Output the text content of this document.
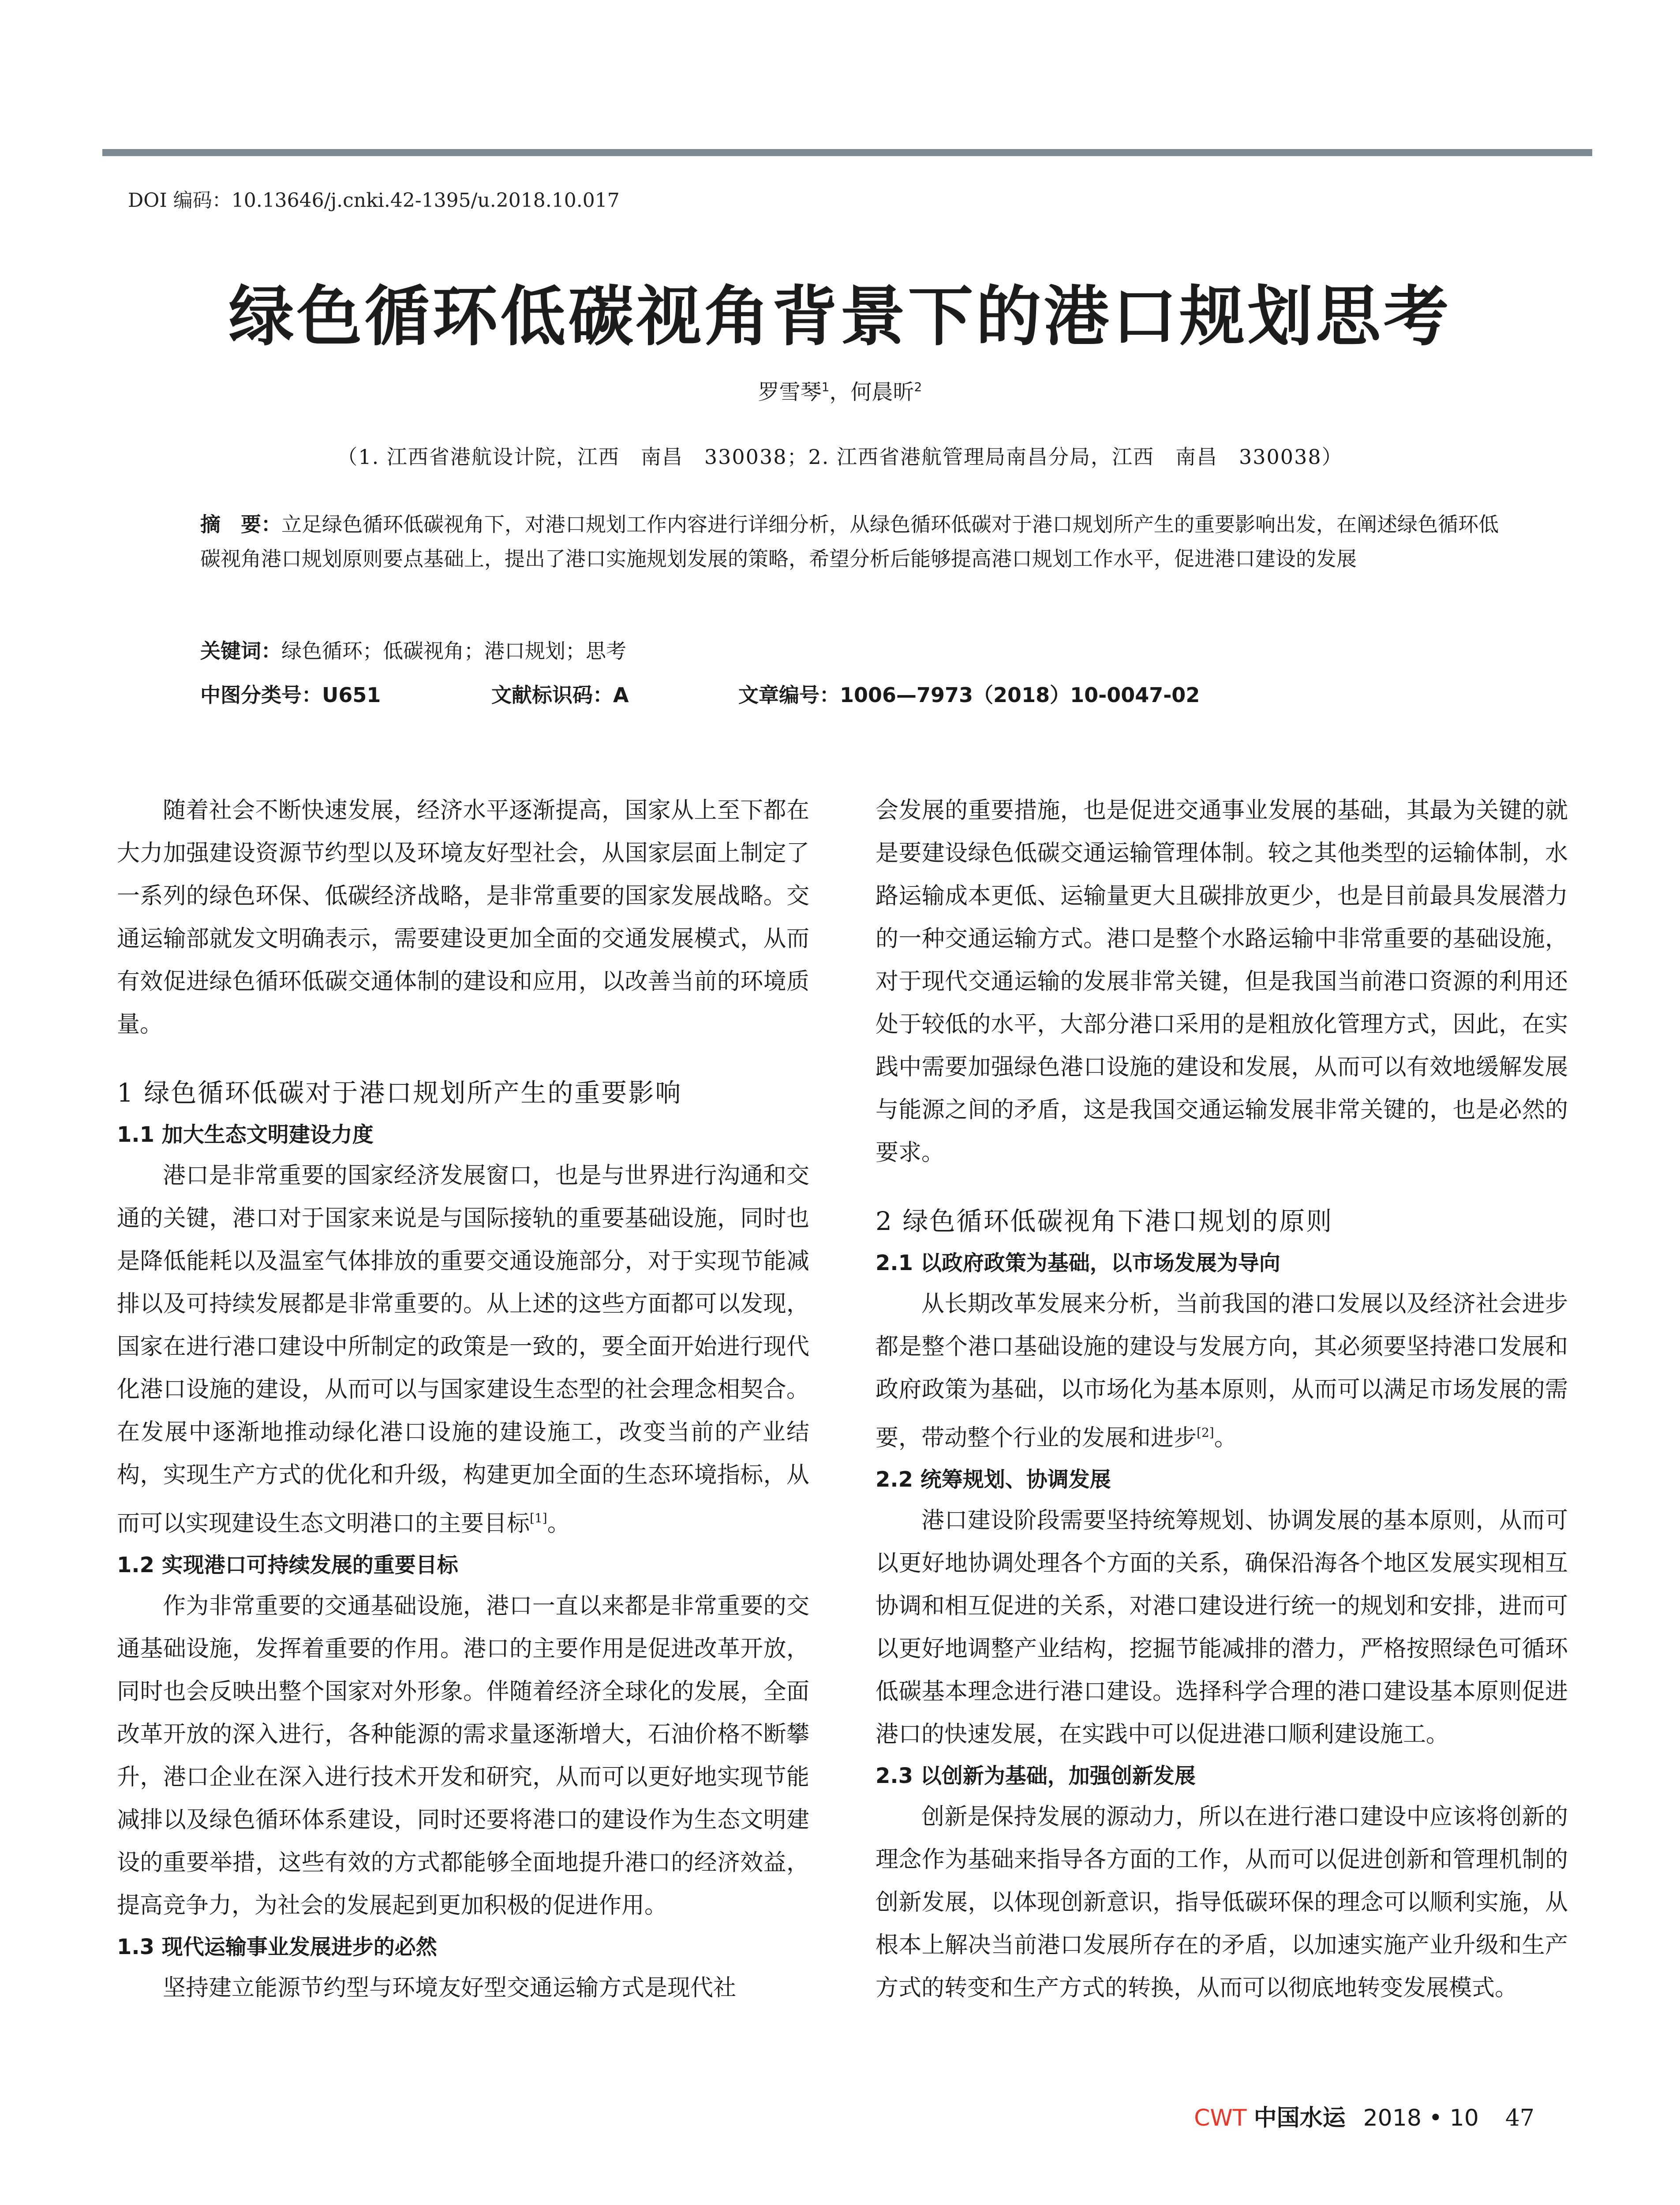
DOI 编码：10.13646/j.cnki.42-1395/u.2018.10.017
绿色循环低碳视角背景下的港口规划思考
罗雪琴$^1$，何晨昕$^2$
（1. 江西省港航设计院，江西　南昌　330038；2. 江西省港航管理局南昌分局，江西　南昌　330038）
摘　要：立足绿色循环低碳视角下，对港口规划工作内容进行详细分析，从绿色循环低碳对于港口规划所产生的重要影响出发，在阐述绿色循环低碳视角港口规划原则要点基础上，提出了港口实施规划发展的策略，希望分析后能够提高港口规划工作水平，促进港口建设的发展
关键词：绿色循环；低碳视角；港口规划；思考
中图分类号：U651	文献标识码：A	文章编号：1006—7973（2018）10-0047-02

随着社会不断快速发展，经济水平逐渐提高，国家从上至下都在大力加强建设资源节约型以及环境友好型社会，从国家层面上制定了一系列的绿色环保、低碳经济战略，是非常重要的国家发展战略。交通运输部就发文明确表示，需要建设更加全面的交通发展模式，从而有效促进绿色循环低碳交通体制的建设和应用，以改善当前的环境质量。

1 绿色循环低碳对于港口规划所产生的重要影响
1.1 加大生态文明建设力度

港口是非常重要的国家经济发展窗口，也是与世界进行沟通和交通的关键，港口对于国家来说是与国际接轨的重要基础设施，同时也是降低能耗以及温室气体排放的重要交通设施部分，对于实现节能减排以及可持续发展都是非常重要的。从上述的这些方面都可以发现，国家在进行港口建设中所制定的政策是一致的，要全面开始进行现代化港口设施的建设，从而可以与国家建设生态型的社会理念相契合。在发展中逐渐地推动绿化港口设施的建设施工，改变当前的产业结构，实现生产方式的优化和升级，构建更加全面的生态环境指标，从而可以实现建设生态文明港口的主要目标[1]。

1.2 实现港口可持续发展的重要目标

作为非常重要的交通基础设施，港口一直以来都是非常重要的交通基础设施，发挥着重要的作用。港口的主要作用是促进改革开放，同时也会反映出整个国家对外形象。伴随着经济全球化的发展，全面改革开放的深入进行，各种能源的需求量逐渐增大，石油价格不断攀升，港口企业在深入进行技术开发和研究，从而可以更好地实现节能减排以及绿色循环体系建设，同时还要将港口的建设作为生态文明建设的重要举措，这些有效的方式都能够全面地提升港口的经济效益，提高竞争力，为社会的发展起到更加积极的促进作用。

1.3 现代运输事业发展进步的必然

坚持建立能源节约型与环境友好型交通运输方式是现代社

会发展的重要措施，也是促进交通事业发展的基础，其最为关键的就是要建设绿色低碳交通运输管理体制。较之其他类型的运输体制，水路运输成本更低、运输量更大且碳排放更少，也是目前最具发展潜力的一种交通运输方式。港口是整个水路运输中非常重要的基础设施，对于现代交通运输的发展非常关键，但是我国当前港口资源的利用还处于较低的水平，大部分港口采用的是粗放化管理方式，因此，在实践中需要加强绿色港口设施的建设和发展，从而可以有效地缓解发展与能源之间的矛盾，这是我国交通运输发展非常关键的，也是必然的要求。

2 绿色循环低碳视角下港口规划的原则
2.1 以政府政策为基础，以市场发展为导向

从长期改革发展来分析，当前我国的港口发展以及经济社会进步都是整个港口基础设施的建设与发展方向，其必须要坚持港口发展和政府政策为基础，以市场化为基本原则，从而可以满足市场发展的需要，带动整个行业的发展和进步[2]。

2.2 统筹规划、协调发展

港口建设阶段需要坚持统筹规划、协调发展的基本原则，从而可以更好地协调处理各个方面的关系，确保沿海各个地区发展实现相互协调和相互促进的关系，对港口建设进行统一的规划和安排，进而可以更好地调整产业结构，挖掘节能减排的潜力，严格按照绿色可循环低碳基本理念进行港口建设。选择科学合理的港口建设基本原则促进港口的快速发展，在实践中可以促进港口顺利建设施工。

2.3 以创新为基础，加强创新发展

创新是保持发展的源动力，所以在进行港口建设中应该将创新的理念作为基础来指导各方面的工作，从而可以促进创新和管理机制的创新发展，以体现创新意识，指导低碳环保的理念可以顺利实施，从根本上解决当前港口发展所存在的矛盾，以加速实施产业升级和生产方式的转变和生产方式的转换，从而可以彻底地转变发展模式。

CWT 中国水运 2018 • 10 47
